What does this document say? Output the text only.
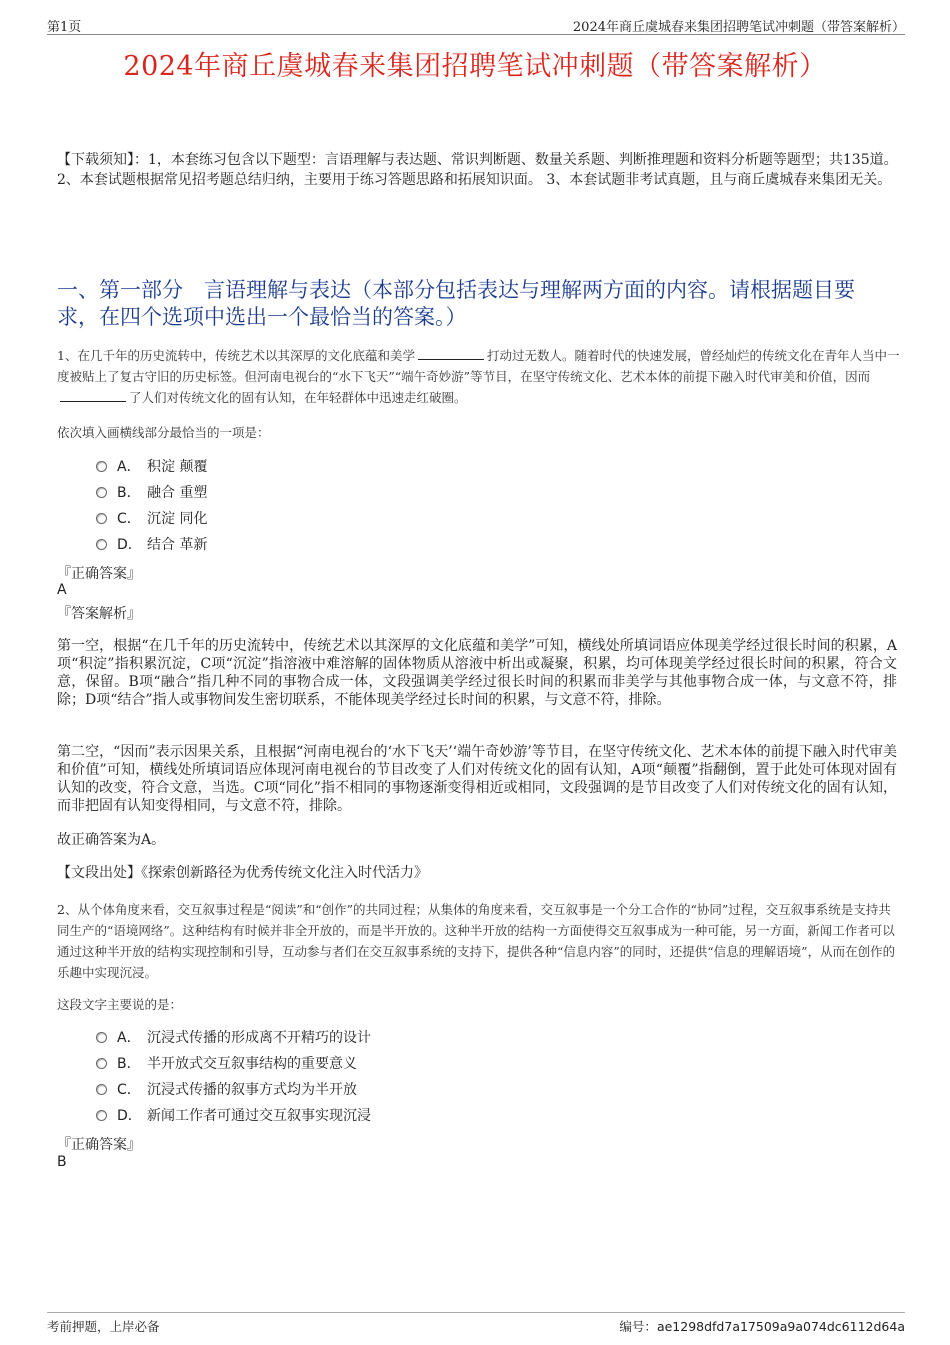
第1页	2024年商丘虞城春来集团招聘笔试冲刺题（带答案解析）
2024年商丘虞城春来集团招聘笔试冲刺题（带答案解析）
【下载须知】：1，本套练习包含以下题型：言语理解与表达题、常识判断题、数量关系题、判断推理题和资料分析题等题型；共135道。 2、本套试题根据常见招考题总结归纳，主要用于练习答题思路和拓展知识面。 3、本套试题非考试真题，且与商丘虞城春来集团无关。
一、第一部分　言语理解与表达（本部分包括表达与理解两方面的内容。请根据题目要求，在四个选项中选出一个最恰当的答案。）
1、在几千年的历史流转中，传统艺术以其深厚的文化底蕴和美学	打动过无数人。随着时代的快速发展，曾经灿烂的传统文化在青年人当中一度被贴上了复古守旧的历史标签。但河南电视台的“水下飞天”“端午奇妙游”等节目，在坚守传统文化、艺术本体的前提下融入时代审美和价值，因而了人们对传统文化的固有认知，在年轻群体中迅速走红破圈。
依次填入画横线部分最恰当的一项是：
A． 积淀 颠覆
B． 融合 重塑
C． 沉淀 同化
D． 结合 革新
『正确答案』
A
『答案解析』
第一空，根据“在几千年的历史流转中，传统艺术以其深厚的文化底蕴和美学”可知，横线处所填词语应体现美学经过很长时间的积累，A项“积淀”指积累沉淀，C项“沉淀”指溶液中难溶解的固体物质从溶液中析出或凝聚，积累，均可体现美学经过很长时间的积累，符合文意，保留。B项“融合”指几种不同的事物合成一体，文段强调美学经过很长时间的积累而非美学与其他事物合成一体，与文意不符，排除；D项“结合”指人或事物间发生密切联系，不能体现美学经过长时间的积累，与文意不符，排除。
第二空，“因而”表示因果关系，且根据“河南电视台的‘水下飞天’‘端午奇妙游’等节目，在坚守传统文化、艺术本体的前提下融入时代审美和价值”可知，横线处所填词语应体现河南电视台的节目改变了人们对传统文化的固有认知，A项“颠覆”指翻倒，置于此处可体现对固有认知的改变，符合文意，当选。C项“同化”指不相同的事物逐渐变得相近或相同，文段强调的是节目改变了人们对传统文化的固有认知，而非把固有认知变得相同，与文意不符，排除。
故正确答案为A。
【文段出处】《探索创新路径为优秀传统文化注入时代活力》
2、从个体角度来看，交互叙事过程是“阅读”和“创作”的共同过程；从集体的角度来看，交互叙事是一个分工合作的“协同”过程，交互叙事系统是支持共同生产的“语境网络”。这种结构有时候并非全开放的，而是半开放的。这种半开放的结构一方面使得交互叙事成为一种可能，另一方面，新闻工作者可以通过这种半开放的结构实现控制和引导，互动参与者们在交互叙事系统的支持下，提供各种“信息内容”的同时，还提供“信息的理解语境”，从而在创作的乐趣中实现沉浸。
这段文字主要说的是：
A． 沉浸式传播的形成离不开精巧的设计
B． 半开放式交互叙事结构的重要意义
C． 沉浸式传播的叙事方式均为半开放
D． 新闻工作者可通过交互叙事实现沉浸
『正确答案』
B
考前押题，上岸必备	编号：ae1298dfd7a17509a9a074dc6112d64a
